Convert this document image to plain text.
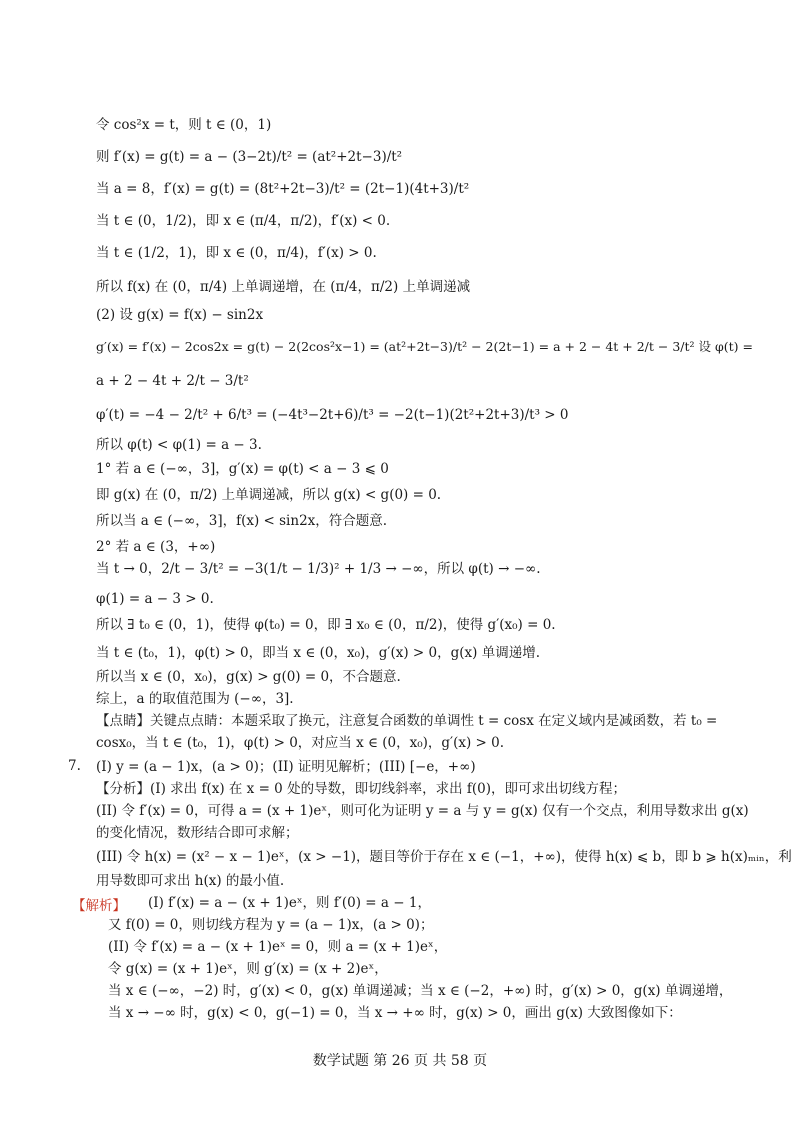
令 cos²x = t，则 t ∈ (0，1)
则 f′(x) = g(t) = a − (3−2t)/t² = (at²+2t−3)/t²
当 a = 8，f′(x) = g(t) = (8t²+2t−3)/t² = (2t−1)(4t+3)/t²
当 t ∈ (0，1/2)，即 x ∈ (π/4，π/2)，f′(x) < 0.
当 t ∈ (1/2，1)，即 x ∈ (0，π/4)，f′(x) > 0.
所以 f(x) 在 (0，π/4) 上单调递增，在 (π/4，π/2) 上单调递减
(2) 设 g(x) = f(x) − sin2x
g′(x) = f′(x) − 2cos2x = g(t) − 2(2cos²x−1) = (at²+2t−3)/t² − 2(2t−1) = a + 2 − 4t + 2/t − 3/t² 设 φ(t) =
a + 2 − 4t + 2/t − 3/t²
φ′(t) = −4 − 2/t² + 6/t³ = (−4t³−2t+6)/t³ = −2(t−1)(2t²+2t+3)/t³ > 0
所以 φ(t) < φ(1) = a − 3.
1° 若 a ∈ (−∞，3]，g′(x) = φ(t) < a − 3 ⩽ 0
即 g(x) 在 (0，π/2) 上单调递减，所以 g(x) < g(0) = 0.
所以当 a ∈ (−∞，3]，f(x) < sin2x，符合题意.
2° 若 a ∈ (3，+∞)
当 t → 0，2/t − 3/t² = −3(1/t − 1/3)² + 1/3 → −∞，所以 φ(t) → −∞.
φ(1) = a − 3 > 0.
所以 ∃ t₀ ∈ (0，1)，使得 φ(t₀) = 0，即 ∃ x₀ ∈ (0，π/2)，使得 g′(x₀) = 0.
当 t ∈ (t₀，1)，φ(t) > 0，即当 x ∈ (0，x₀)，g′(x) > 0，g(x) 单调递增.
所以当 x ∈ (0，x₀)，g(x) > g(0) = 0，不合题意.
综上，a 的取值范围为 (−∞，3].
【点睛】关键点点睛：本题采取了换元，注意复合函数的单调性 t = cosx 在定义域内是减函数，若 t₀ =
cosx₀，当 t ∈ (t₀，1)，φ(t) > 0，对应当 x ∈ (0，x₀)，g′(x) > 0.
7. (I) y = (a − 1)x，(a > 0)；(II) 证明见解析；(III) [−e，+∞)
【分析】(I) 求出 f(x) 在 x = 0 处的导数，即切线斜率，求出 f(0)，即可求出切线方程；
(II) 令 f′(x) = 0，可得 a = (x + 1)eˣ，则可化为证明 y = a 与 y = g(x) 仅有一个交点，利用导数求出 g(x)
的变化情况，数形结合即可求解；
(III) 令 h(x) = (x² − x − 1)eˣ，(x > −1)，题目等价于存在 x ∈ (−1，+∞)，使得 h(x) ⩽ b，即 b ⩾ h(x)ₘᵢₙ，利
用导数即可求出 h(x) 的最小值.
【解析】 (I) f′(x) = a − (x + 1)eˣ，则 f′(0) = a − 1，
又 f(0) = 0，则切线方程为 y = (a − 1)x，(a > 0)；
(II) 令 f′(x) = a − (x + 1)eˣ = 0，则 a = (x + 1)eˣ，
令 g(x) = (x + 1)eˣ，则 g′(x) = (x + 2)eˣ，
当 x ∈ (−∞，−2) 时，g′(x) < 0，g(x) 单调递减；当 x ∈ (−2，+∞) 时，g′(x) > 0，g(x) 单调递增，
当 x → −∞ 时，g(x) < 0，g(−1) = 0，当 x → +∞ 时，g(x) > 0，画出 g(x) 大致图像如下：
数学试题 第 26 页 共 58 页
